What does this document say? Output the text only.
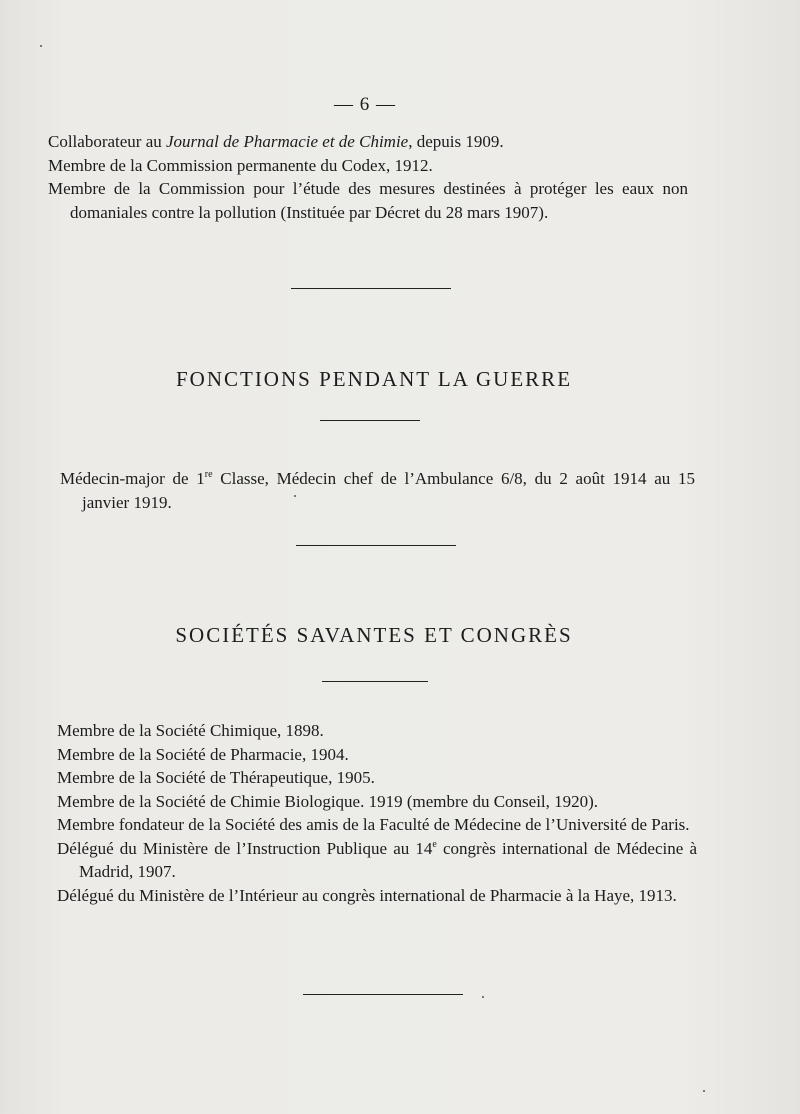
— 6 —

Collaborateur au Journal de Pharmacie et de Chimie, depuis 1909.

Membre de la Commission permanente du Codex, 1912.

Membre de la Commission pour l’étude des mesures destinées à protéger les eaux non domaniales contre la pollution (Instituée par Décret du 28 mars 1907).

FONCTIONS PENDANT LA GUERRE

Médecin-major de 1re Classe, Médecin chef de l’Ambulance 6/8, du 2 août 1914 au 15 janvier 1919.

SOCIÉTÉS SAVANTES ET CONGRÈS

Membre de la Société Chimique, 1898.

Membre de la Société de Pharmacie, 1904.

Membre de la Société de Thérapeutique, 1905.

Membre de la Société de Chimie Biologique. 1919 (membre du Conseil, 1920).

Membre fondateur de la Société des amis de la Faculté de Médecine de l’Université de Paris.

Délégué du Ministère de l’Instruction Publique au 14e congrès international de Médecine à Madrid, 1907.

Délégué du Ministère de l’Intérieur au congrès international de Pharmacie à la Haye, 1913.
